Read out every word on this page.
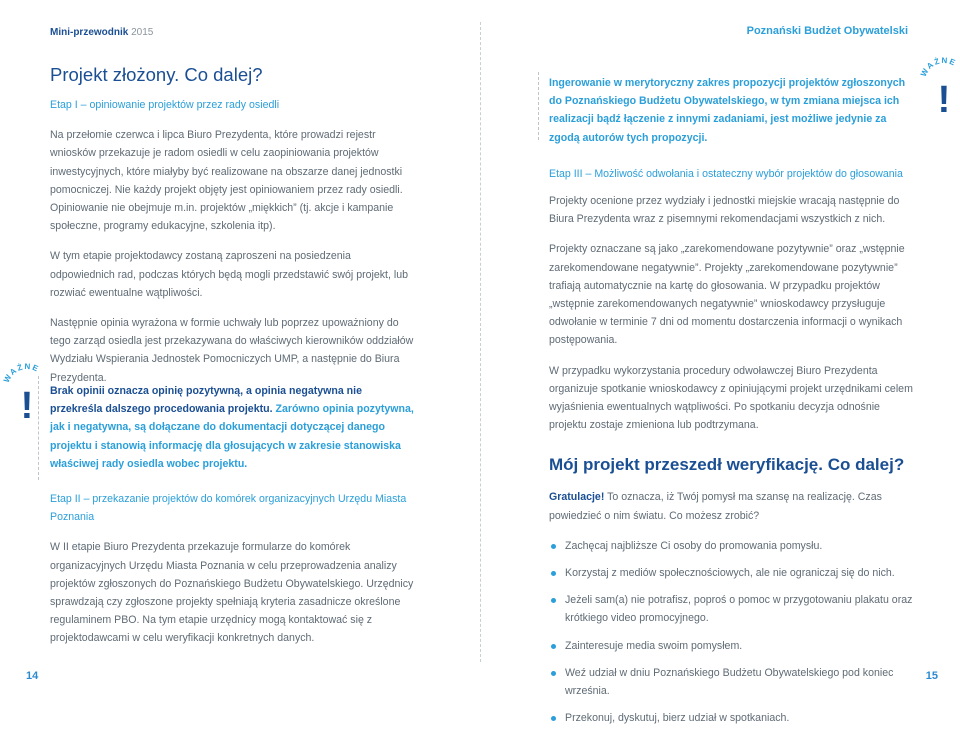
Mini-przewodnik 2015	Poznański Budżet Obywatelski
WAŻNE
!
WAŻNE
!
Projekt złożony. Co dalej?

Etap I – opiniowanie projektów przez rady osiedli

Na przełomie czerwca i lipca Biuro Prezydenta, które prowadzi rejestr wniosków przekazuje je radom osiedli w celu zaopiniowania projektów inwestycyjnych, które miałyby być realizowane na obszarze danej jednostki pomocniczej. Nie każdy projekt objęty jest opiniowaniem przez rady osiedli. Opiniowanie nie obejmuje m.in. projektów „miękkich” (tj. akcje i kampanie społeczne, programy edukacyjne, szkolenia itp).

W tym etapie projektodawcy zostaną zaproszeni na posiedzenia odpowiednich rad, podczas których będą mogli przedstawić swój projekt, lub rozwiać ewentualne wątpliwości.

Następnie opinia wyrażona w formie uchwały lub poprzez upoważniony do tego zarząd osiedla jest przekazywana do właściwych kierowników oddziałów Wydziału Wspierania Jednostek Pomocniczych UMP, a następnie do Biura Prezydenta.

Brak opinii oznacza opinię pozytywną, a opinia negatywna nie przekreśla dalszego procedowania projektu. Zarówno opinia pozytywna, jak i negatywna, są dołączane do dokumentacji dotyczącej danego projektu i stanowią informację dla głosujących w zakresie stanowiska właściwej rady osiedla wobec projektu.

Etap II – przekazanie projektów do komórek organizacyjnych Urzędu Miasta Poznania

W II etapie Biuro Prezydenta przekazuje formularze do komórek organizacyjnych Urzędu Miasta Poznania w celu przeprowadzenia analizy projektów zgłoszonych do Poznańskiego Budżetu Obywatelskiego. Urzędnicy sprawdzają czy zgłoszone projekty spełniają kryteria zasadnicze określone regulaminem PBO. Na tym etapie urzędnicy mogą kontaktować się z projektodawcami w celu weryfikacji konkretnych danych.

Ingerowanie w merytoryczny zakres propozycji projektów zgłoszonych do Poznańskiego Budżetu Obywatelskiego, w tym zmiana miejsca ich realizacji bądź łączenie z innymi zadaniami, jest możliwe jedynie za zgodą autorów tych propozycji.

Etap III – Możliwość odwołania i ostateczny wybór projektów do głosowania

Projekty ocenione przez wydziały i jednostki miejskie wracają następnie do Biura Prezydenta wraz z pisemnymi rekomendacjami wszystkich z nich.

Projekty oznaczane są jako „zarekomendowane pozytywnie” oraz „wstępnie zarekomendowane negatywnie”. Projekty „zarekomendowane pozytywnie” trafiają automatycznie na kartę do głosowania. W przypadku projektów „wstępnie zarekomendowanych negatywnie” wnioskodawcy przysługuje odwołanie w terminie 7 dni od momentu dostarczenia informacji o wynikach postępowania.

W przypadku wykorzystania procedury odwoławczej Biuro Prezydenta organizuje spotkanie wnioskodawcy z opiniującymi projekt urzędnikami celem wyjaśnienia ewentualnych wątpliwości. Po spotkaniu decyzja odnośnie projektu zostaje zmieniona lub podtrzymana.

Mój projekt przeszedł weryfikację. Co dalej?

Gratulacje! To oznacza, iż Twój pomysł ma szansę na realizację. Czas powiedzieć o nim światu. Co możesz zrobić?

Zachęcaj najbliższe Ci osoby do promowania pomysłu.
Korzystaj z mediów społecznościowych, ale nie ograniczaj się do nich.
Jeżeli sam(a) nie potrafisz, poproś o pomoc w przygotowaniu plakatu oraz krótkiego video promocyjnego.
Zainteresuje media swoim pomysłem.
Weź udział w dniu Poznańskiego Budżetu Obywatelskiego pod koniec września.
Przekonuj, dyskutuj, bierz udział w spotkaniach.
14	15
